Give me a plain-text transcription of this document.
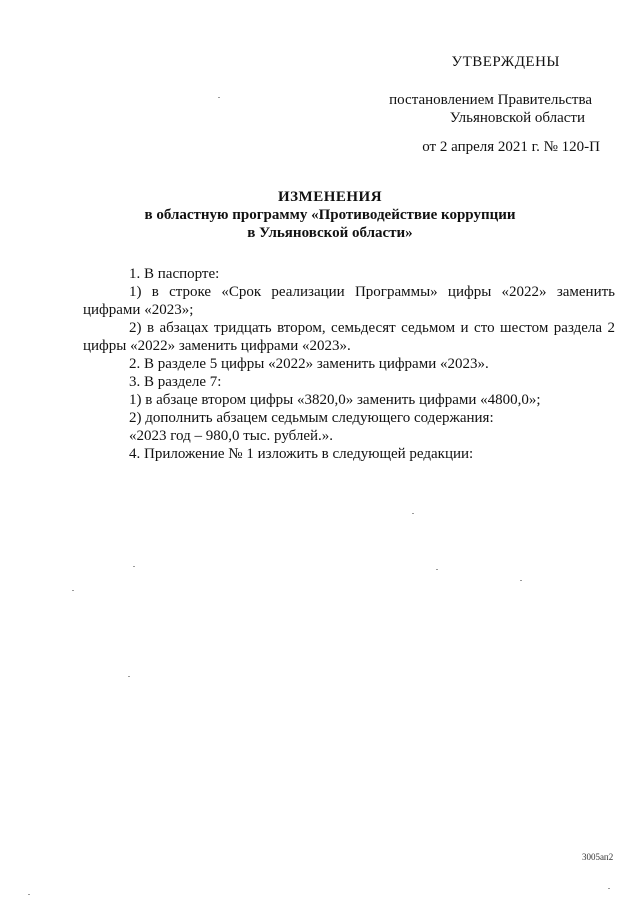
УТВЕРЖДЕНЫ
постановлением Правительства
Ульяновской области
от 2 апреля 2021 г. № 120-П
ИЗМЕНЕНИЯ
в областную программу «Противодействие коррупции
в Ульяновской области»

1. В паспорте:

1) в строке «Срок реализации Программы» цифры «2022» заменить цифрами «2023»;

2) в абзацах тридцать втором, семьдесят седьмом и сто шестом раздела 2 цифры «2022» заменить цифрами «2023».

2. В разделе 5 цифры «2022» заменить цифрами «2023».

3. В разделе 7:

1) в абзаце втором цифры «3820,0» заменить цифрами «4800,0»;

2) дополнить абзацем седьмым следующего содержания:

«2023 год – 980,0 тыс. рублей.».

4. Приложение № 1 изложить в следующей редакции:

3005ап2
